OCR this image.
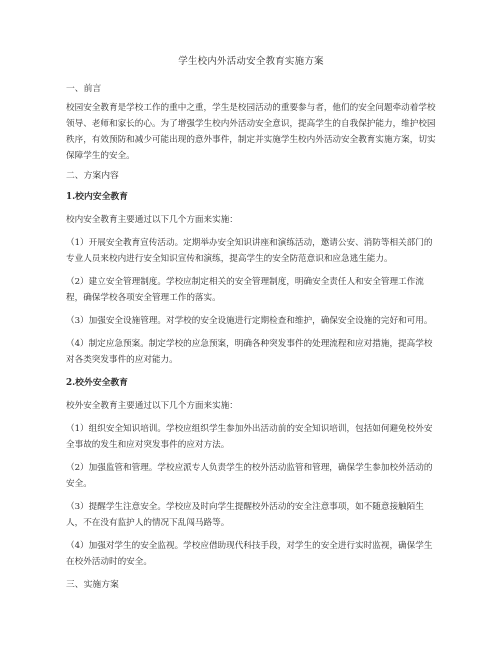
学生校内外活动安全教育实施方案

一、前言

校园安全教育是学校工作的重中之重，学生是校园活动的重要参与者，他们的安全问题牵动着学校领导、老师和家长的心。为了增强学生校内外活动安全意识，提高学生的自我保护能力，维护校园秩序，有效预防和减少可能出现的意外事件，制定并实施学生校内外活动安全教育实施方案，切实保障学生的安全。

二、方案内容

1.校内安全教育

校内安全教育主要通过以下几个方面来实施：

（1）开展安全教育宣传活动。定期举办安全知识讲座和演练活动，邀请公安、消防等相关部门的专业人员来校内进行安全知识宣传和演练，提高学生的安全防范意识和应急逃生能力。

（2）建立安全管理制度。学校应制定相关的安全管理制度，明确安全责任人和安全管理工作流程，确保学校各项安全管理工作的落实。

（3）加强安全设施管理。对学校的安全设施进行定期检查和维护，确保安全设施的完好和可用。

（4）制定应急预案。制定学校的应急预案，明确各种突发事件的处理流程和应对措施，提高学校对各类突发事件的应对能力。

2.校外安全教育

校外安全教育主要通过以下几个方面来实施：

（1）组织安全知识培训。学校应组织学生参加外出活动前的安全知识培训，包括如何避免校外安全事故的发生和应对突发事件的应对方法。

（2）加强监管和管理。学校应派专人负责学生的校外活动监管和管理，确保学生参加校外活动的安全。

（3）提醒学生注意安全。学校应及时向学生提醒校外活动的安全注意事项，如不随意接触陌生人，不在没有监护人的情况下乱闯马路等。

（4）加强对学生的安全监视。学校应借助现代科技手段，对学生的安全进行实时监视，确保学生在校外活动时的安全。

三、实施方案
